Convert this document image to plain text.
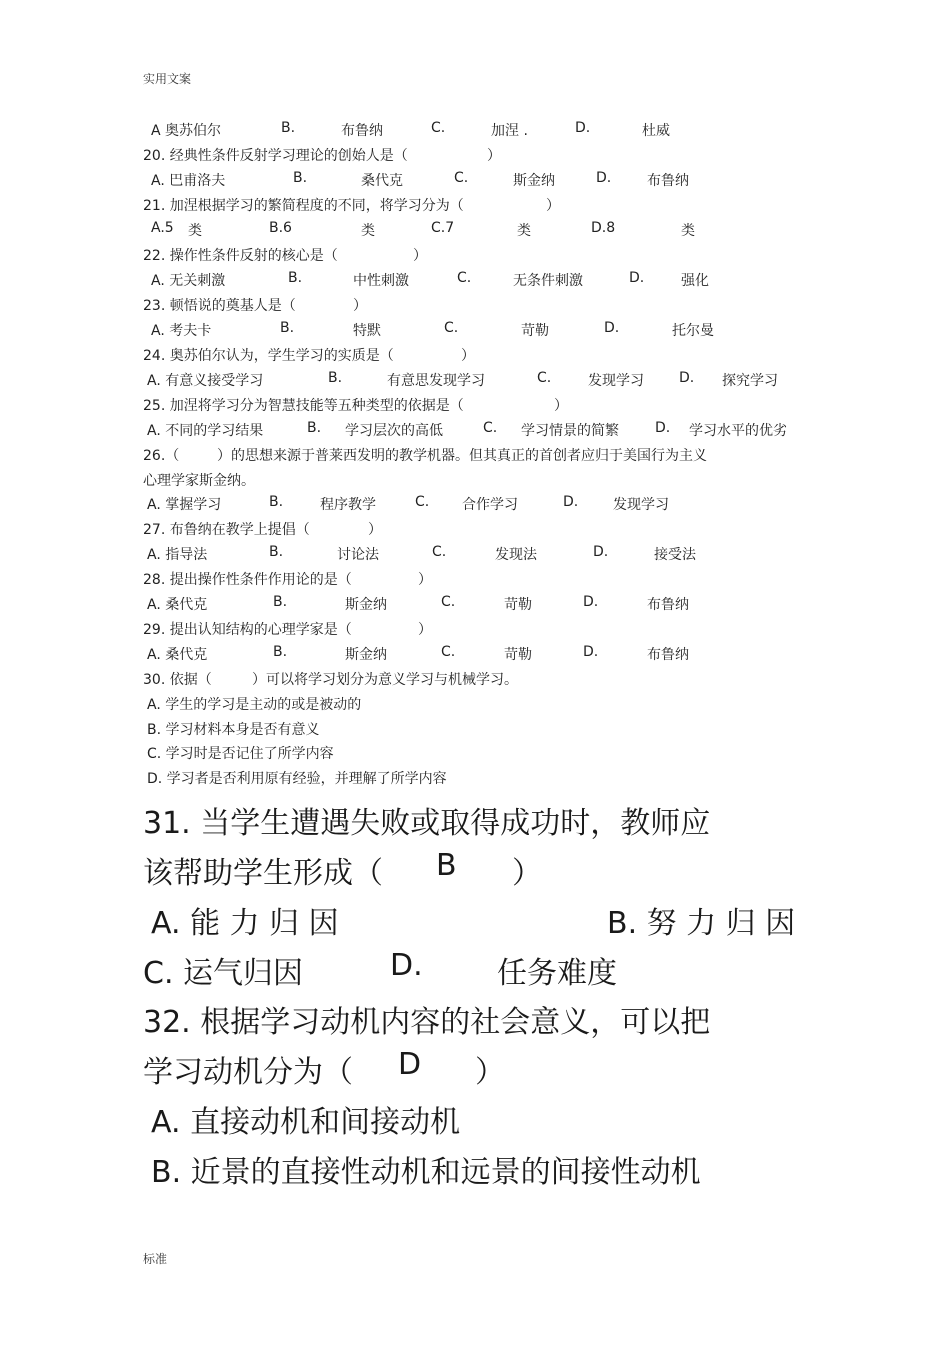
实用文案
A 奥苏伯尔	B.	布鲁纳	C.	加涅 .	D.	杜威
20. 经典性条件反射学习理论的创始人是（	）
A. 巴甫洛夫	B.	桑代克	C.	斯金纳	D.	布鲁纳
21. 加涅根据学习的繁简程度的不同，将学习分为（	）
A.5 类	B.6	类	C.7	类	D.8	类
22. 操作性条件反射的核心是（	）
A. 无关刺激	B.	中性刺激	C.	无条件刺激	D.	强化
23. 顿悟说的奠基人是（	）
A. 考夫卡	B.	特默	C.	苛勒	D.	托尔曼
24. 奥苏伯尔认为，学生学习的实质是（	）
A. 有意义接受学习	B.	有意思发现学习	C.	发现学习	D. 探究学习
25. 加涅将学习分为智慧技能等五种类型的依据是（	）
A. 不同的学习结果	B. 学习层次的高低	C. 学习情景的简繁	D. 学习水平的优劣
26.（	）的思想来源于普莱西发明的教学机器。但其真正的首创者应归于美国行为主义
心理学家斯金纳。
A. 掌握学习	B.	程序教学	C. 合作学习	D. 发现学习
27. 布鲁纳在教学上提倡（	）
A. 指导法	B.	讨论法	C.	发现法	D.	接受法
28. 提出操作性条件作用论的是（	）
A. 桑代克	B.	斯金纳	C.	苛勒	D.	布鲁纳
29. 提出认知结构的心理学家是（	）
A. 桑代克	B.	斯金纳	C.	苛勒	D.	布鲁纳
30. 依据（	）可以将学习划分为意义学习与机械学习。
A. 学生的学习是主动的或是被动的
B. 学习材料本身是否有意义
C. 学习时是否记住了所学内容
D. 学习者是否利用原有经验，并理解了所学内容
31. 当学生遭遇失败或取得成功时，教师应
该帮助学生形成（ B ）
A. 能 力 归 因	B. 努 力 归 因
C. 运气归因	D. 任务难度
32. 根据学习动机内容的社会意义，可以把
学习动机分为（ D ）
A. 直接动机和间接动机
B. 近景的直接性动机和远景的间接性动机
标准
